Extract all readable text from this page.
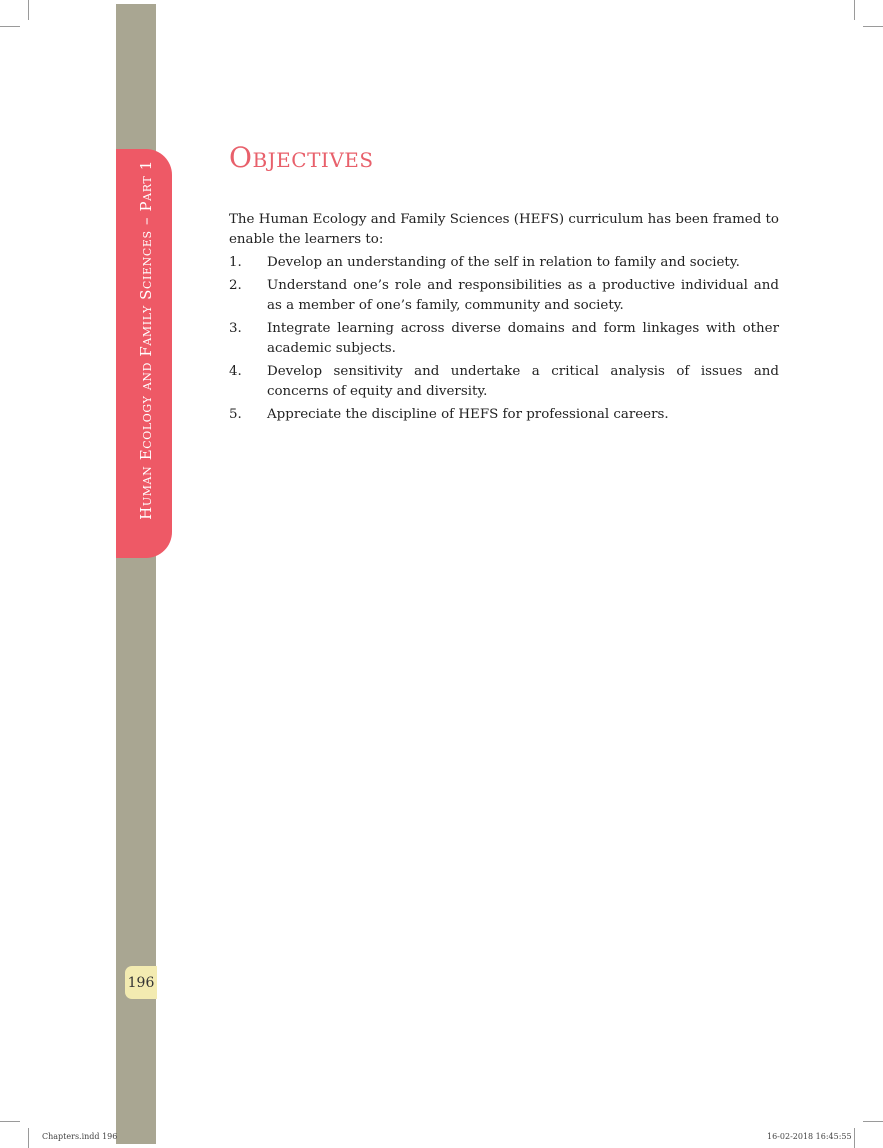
Human Ecology and Family Sciences – Part 1
196
Objectives

The Human Ecology and Family Sciences (HEFS) curriculum has been framed to enable the learners to:

1.	Develop an understanding of the self in relation to family and society.
2.	Understand one’s role and responsibilities as a productive individual and as a member of one’s family, community and society.
3.	Integrate learning across diverse domains and form linkages with other academic subjects.
4.	Develop sensitivity and undertake a critical analysis of issues and concerns of equity and diversity.
5.	Appreciate the discipline of HEFS for professional careers.
Chapters.indd 196	16-02-2018 16:45:55
